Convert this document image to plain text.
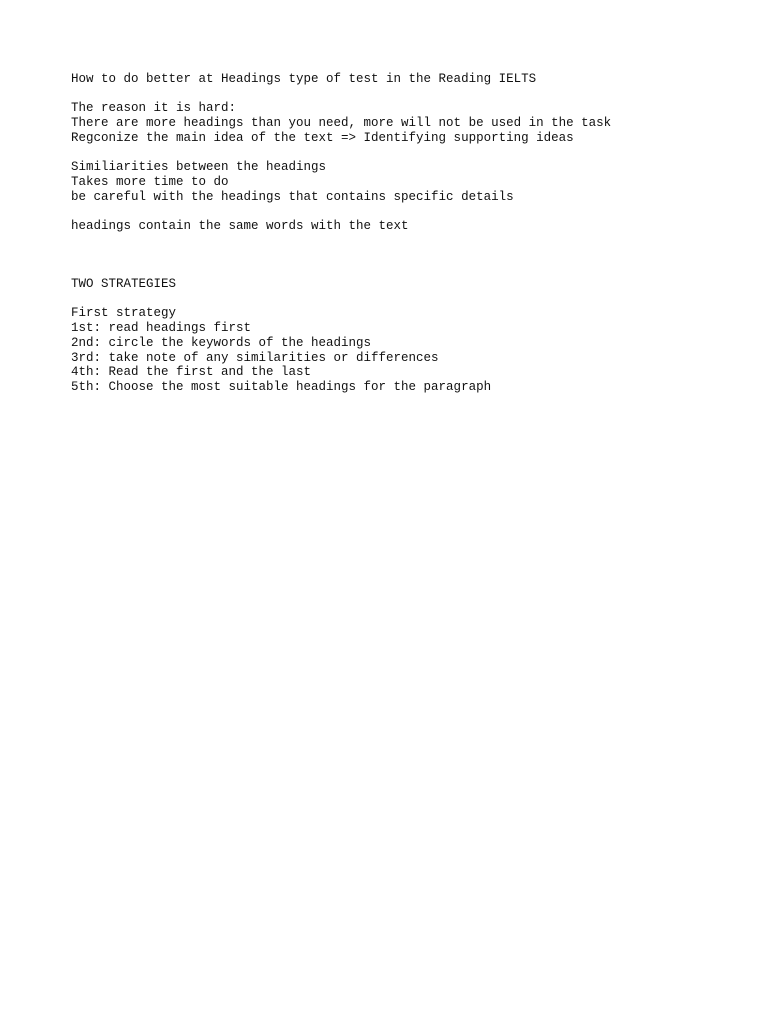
How to do better at Headings type of test in the Reading IELTS
The reason it is hard:
There are more headings than you need, more will not be used in the task
Regconize the main idea of the text => Identifying supporting ideas
Similiarities between the headings
Takes more time to do
be careful with the headings that contains specific details
headings contain the same words with the text
TWO STRATEGIES
First strategy
1st: read headings first
2nd: circle the keywords of the headings
3rd: take note of any similarities or differences
4th: Read the first and the last
5th: Choose the most suitable headings for the paragraph
